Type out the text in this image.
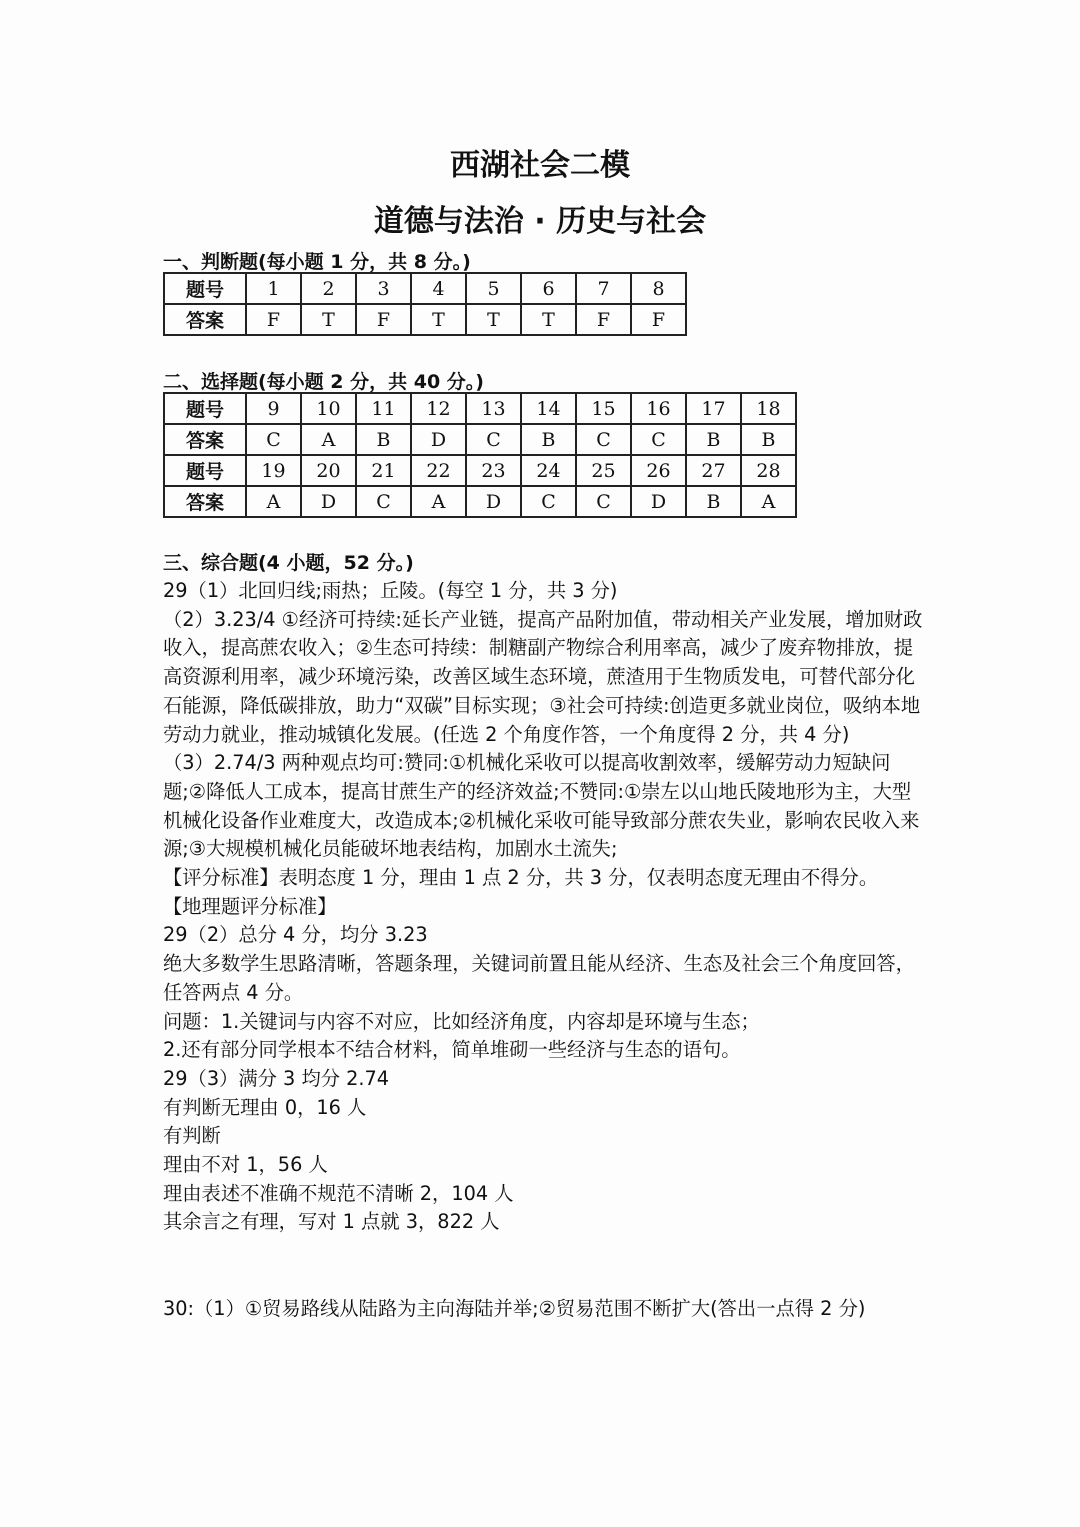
西湖社会二模
道德与法治 · 历史与社会
一、判断题(每小题 1 分，共 8 分。)
题号	1	2	3	4	5	6	7	8
答案	F	T	F	T	T	T	F	F
二、选择题(每小题 2 分，共 40 分。)
题号	9	10	11	12	13	14	15	16	17	18
答案	C	A	B	D	C	B	C	C	B	B
题号	19	20	21	22	23	24	25	26	27	28
答案	A	D	C	A	D	C	C	D	B	A
三、综合题(4 小题，52 分。)

29（1）北回归线;雨热；丘陵。(每空 1 分，共 3 分)

（2）3.23/4 ①经济可持续:延长产业链，提高产品附加值，带动相关产业发展，增加财政收入，提高蔗农收入；②生态可持续：制糖副产物综合利用率高，减少了废弃物排放，提高资源利用率，减少环境污染，改善区域生态环境，蔗渣用于生物质发电，可替代部分化石能源，降低碳排放，助力“双碳”目标实现；③社会可持续:创造更多就业岗位，吸纳本地劳动力就业，推动城镇化发展。(任选 2 个角度作答，一个角度得 2 分，共 4 分)

（3）2.74/3 两种观点均可:赞同:①机械化采收可以提高收割效率，缓解劳动力短缺问题;②降低人工成本，提高甘蔗生产的经济效益;不赞同:①崇左以山地氏陵地形为主，大型机械化设备作业难度大，改造成本;②机械化采收可能导致部分蔗农失业，影响农民收入来源;③大规模机械化员能破坏地表结构，加剧水土流失;

【评分标准】表明态度 1 分，理由 1 点 2 分，共 3 分，仅表明态度无理由不得分。

【地理题评分标准】

29（2）总分 4 分，均分 3.23

绝大多数学生思路清晰，答题条理，关键词前置且能从经济、生态及社会三个角度回答，任答两点 4 分。

问题：1.关键词与内容不对应，比如经济角度，内容却是环境与生态；

2.还有部分同学根本不结合材料，简单堆砌一些经济与生态的语句。

29（3）满分 3 均分 2.74

有判断无理由 0，16 人

有判断

理由不对 1，56 人

理由表述不准确不规范不清晰 2，104 人

其余言之有理，写对 1 点就 3，822 人

30:（1）①贸易路线从陆路为主向海陆并举;②贸易范围不断扩大(答出一点得 2 分)
